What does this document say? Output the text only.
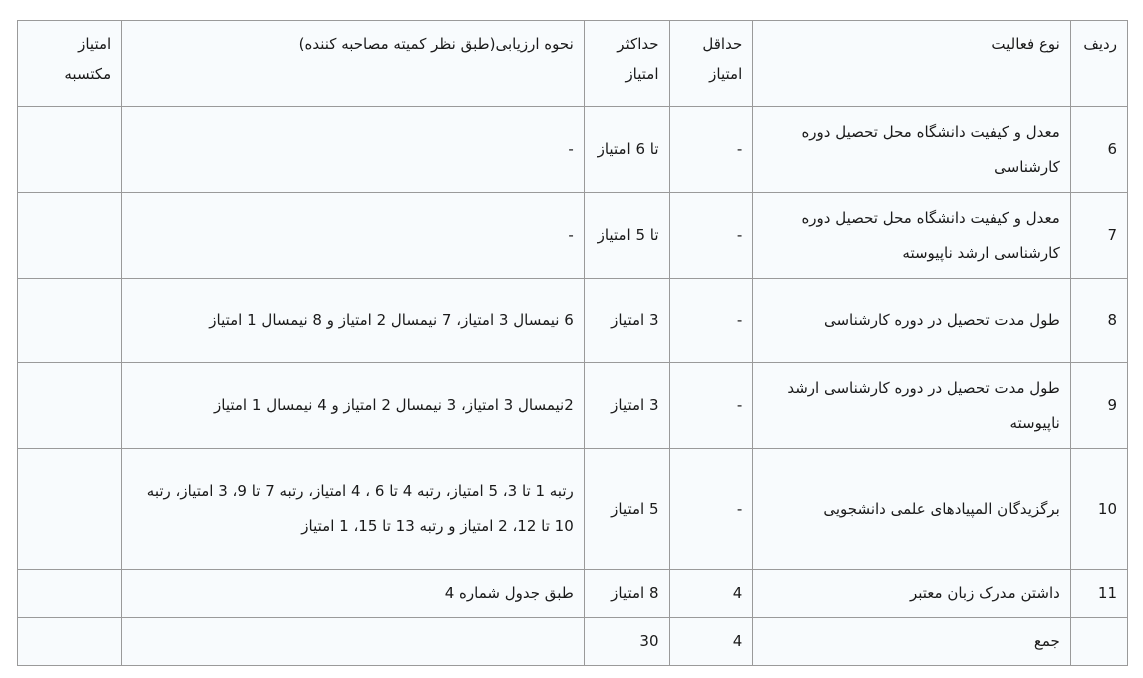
ردیف	نوع فعالیت	حداقل امتیاز	حداکثر امتیاز	نحوه ارزیابی(طبق نظر کمیته مصاحبه کننده)	امتیاز مکتسبه
6	معدل و کیفیت دانشگاه محل تحصیل دوره کارشناسی	-	تا 6 امتیاز	-	
7	معدل و کیفیت دانشگاه محل تحصیل دوره کارشناسی ارشد ناپیوسته	-	تا 5 امتیاز	-	
8	طول مدت تحصیل در دوره کارشناسی	-	3 امتیاز	6 نیمسال 3 امتیاز، 7 نیمسال 2 امتیاز و 8 نیمسال 1 امتیاز	
9	طول مدت تحصیل در دوره کارشناسی ارشد ناپیوسته	-	3 امتیاز	2نیمسال 3 امتیاز، 3 نیمسال 2 امتیاز و 4 نیمسال 1 امتیاز	
10	برگزیدگان المپیادهای علمی دانشجویی	-	5 امتیاز	رتبه 1 تا 3، 5 امتیاز، رتبه 4 تا 6 ، 4 امتیاز، رتبه 7 تا 9، 3 امتیاز، رتبه 10 تا 12، 2 امتیاز و رتبه 13 تا 15، 1 امتیاز	
11	داشتن مدرک زبان معتبر	4	8 امتیاز	طبق جدول شماره 4	
	جمع	4	30		
